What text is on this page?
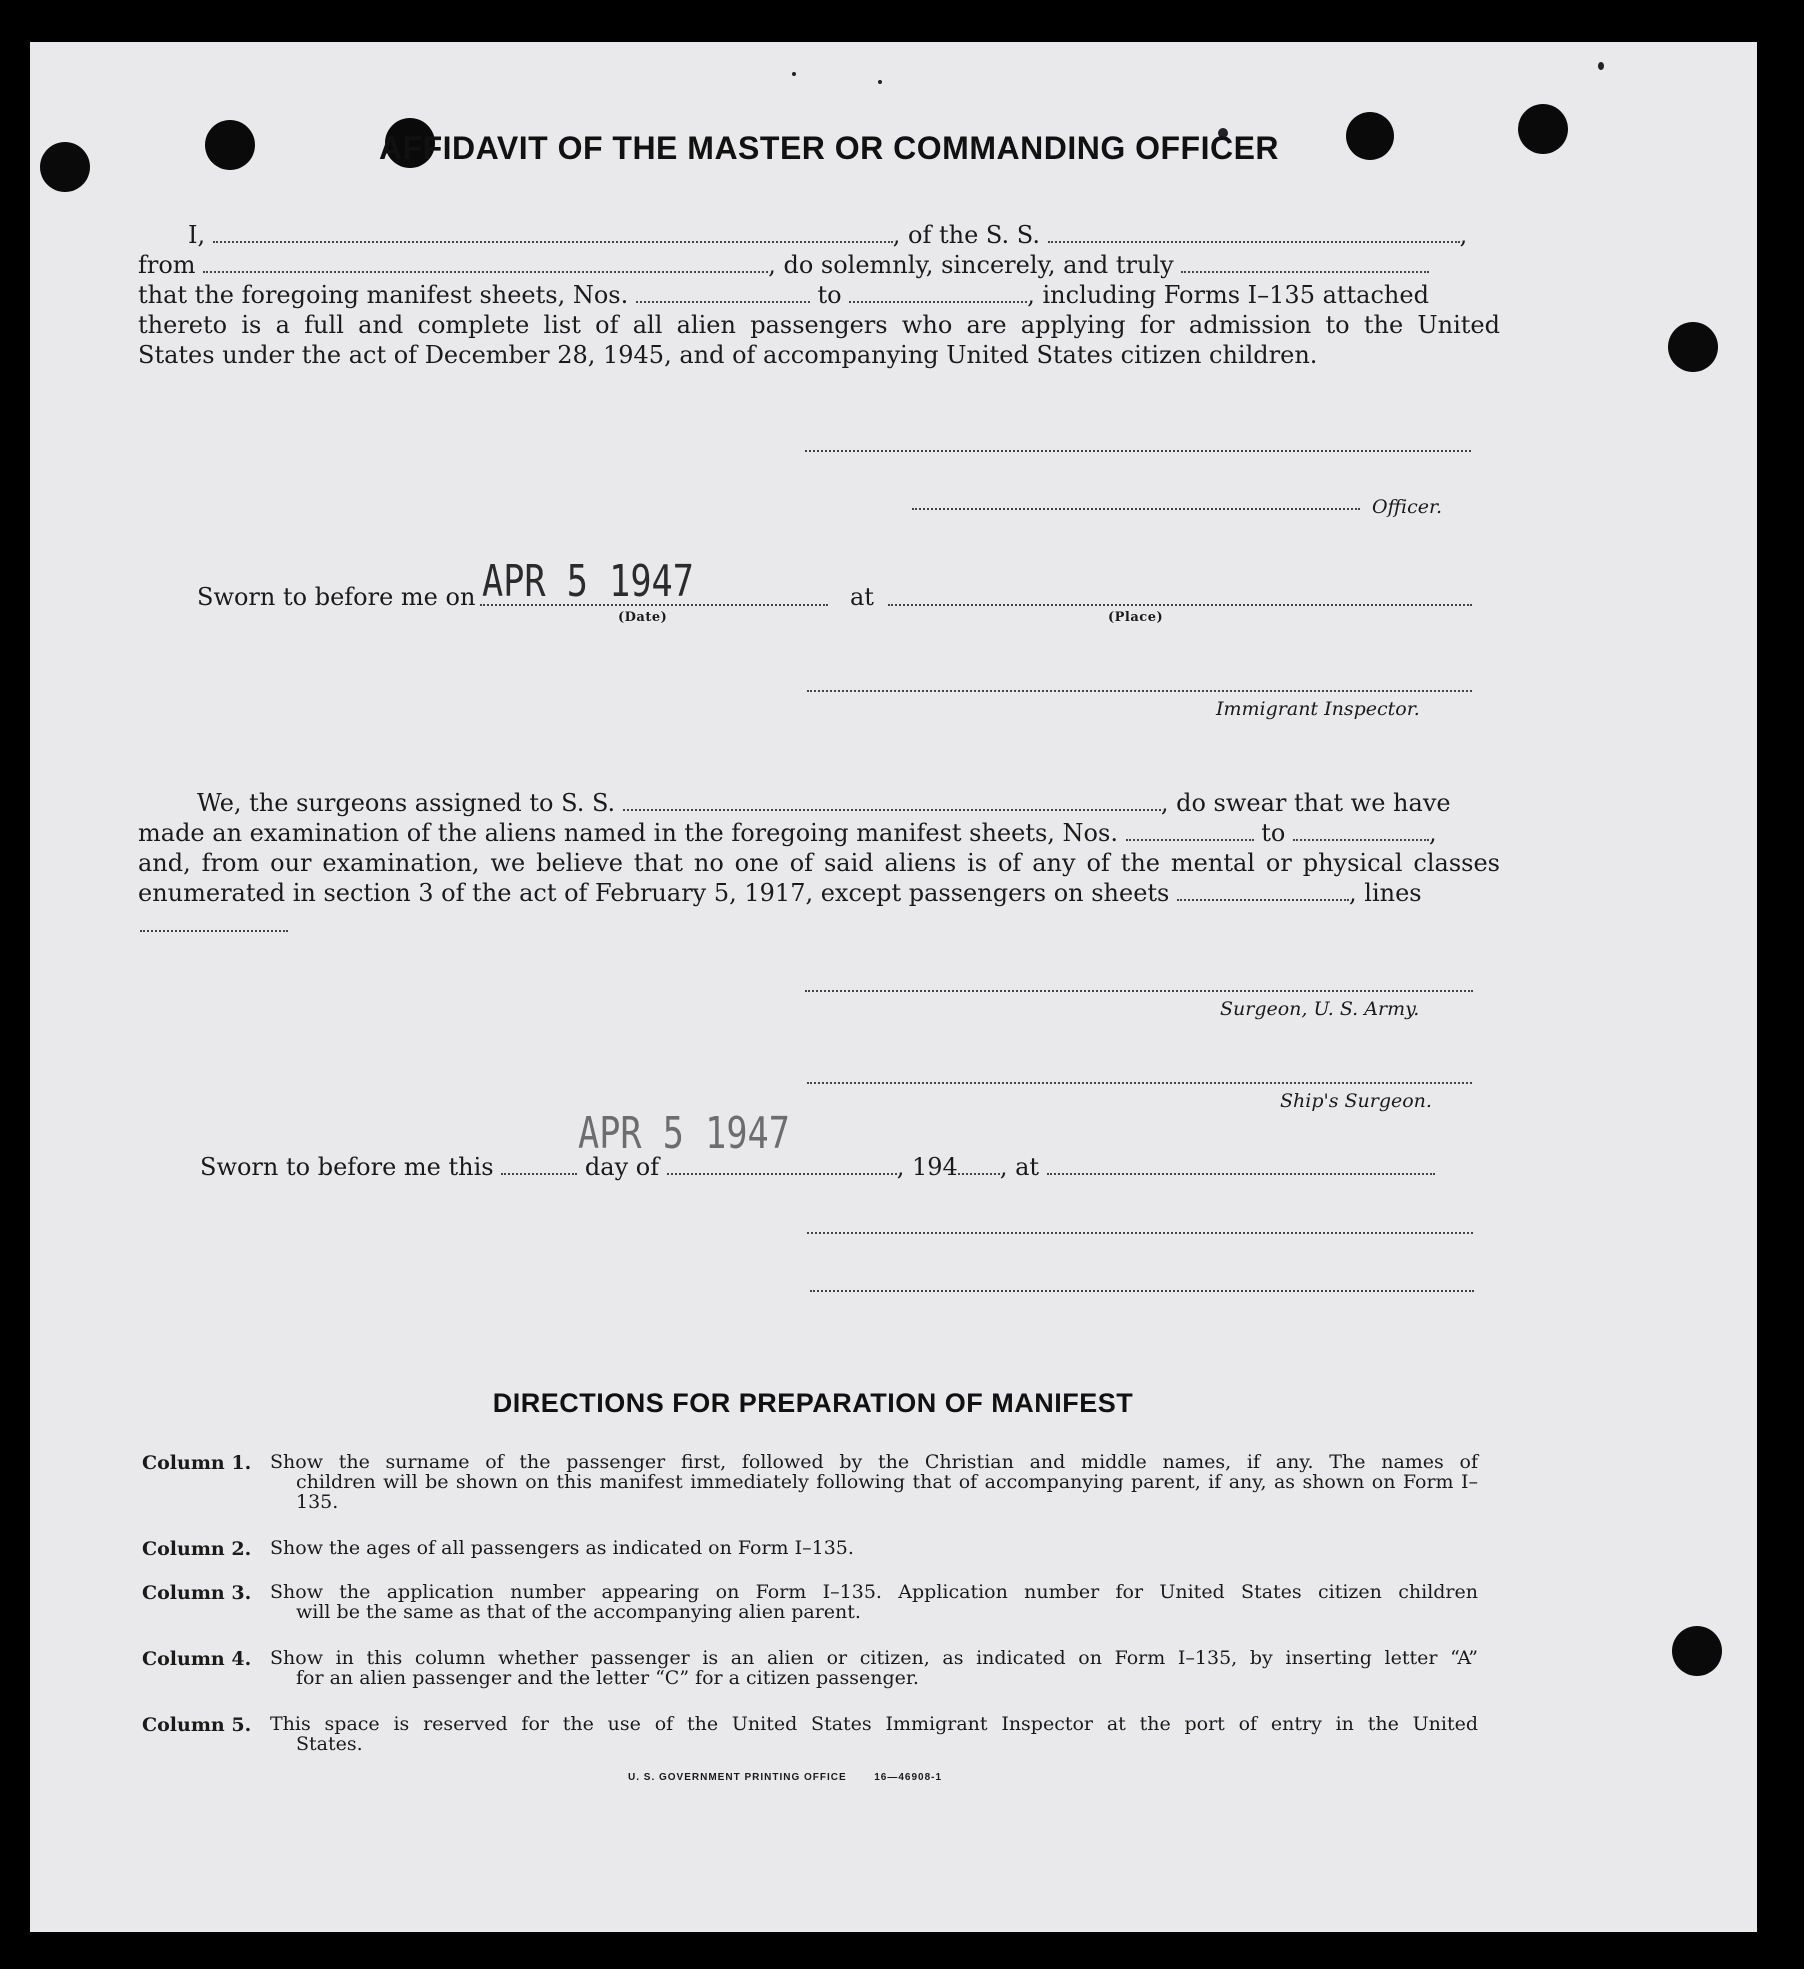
AFFIDAVIT OF THE MASTER OR COMMANDING OFFICER
I,	, of the S. S.	,
from	, do solemnly, sincerely, and truly
that the foregoing manifest sheets, Nos.	to	, including Forms I–135 attached
thereto is a full and complete list of all alien passengers who are applying for admission to the United
States under the act of December 28, 1945, and of accompanying United States citizen children.
Officer.
Sworn to before me on APR 5 1947
(Date)
at
(Place)
Immigrant Inspector.
We, the surgeons assigned to S. S.	, do swear that we have
made an examination of the aliens named in the foregoing manifest sheets, Nos.	to	,
and, from our examination, we believe that no one of said aliens is of any of the mental or physical classes
enumerated in section 3 of the act of February 5, 1917, except passengers on sheets	, lines
Surgeon, U. S. Army.
Ship's Surgeon.
APR 5 1947
Sworn to before me this	day of	, 194 , at
DIRECTIONS FOR PREPARATION OF MANIFEST
Column 1. Show the surname of the passenger first, followed by the Christian and middle names, if any. The names of
children will be shown on this manifest immediately following that of accompanying parent, if any, as shown on Form I–135.
Column 2. Show the ages of all passengers as indicated on Form I–135.
Column 3. Show the application number appearing on Form I–135. Application number for United States citizen children
will be the same as that of the accompanying alien parent.
Column 4. Show in this column whether passenger is an alien or citizen, as indicated on Form I–135, by inserting letter “A”
for an alien passenger and the letter “C” for a citizen passenger.
Column 5. This space is reserved for the use of the United States Immigrant Inspector at the port of entry in the United
States.
U. S. GOVERNMENT PRINTING OFFICE	16—46908-1
